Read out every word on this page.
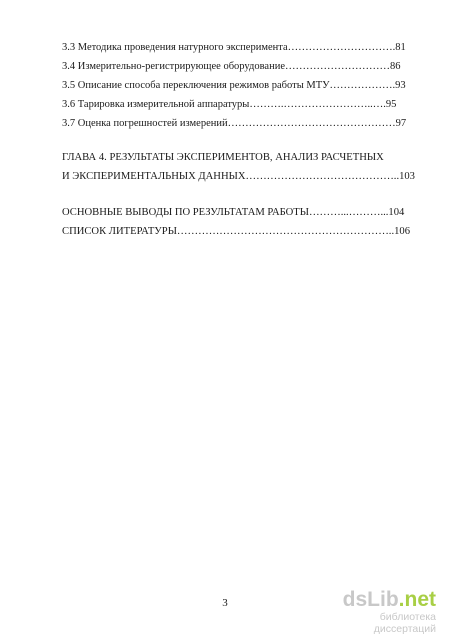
3.3 Методика проведения натурного эксперимента………………………….81
3.4 Измерительно-регистрирующее оборудование…………………………86
3.5 Описание способа переключения режимов работы МТУ……………….93
3.6 Тарировка измерительной аппаратуры……….……………………..….95
3.7 Оценка погрешностей измерений…………………………………………97
ГЛАВА 4. РЕЗУЛЬТАТЫ ЭКСПЕРИМЕНТОВ, АНАЛИЗ РАСЧЕТНЫХ
И ЭКСПЕРИМЕНТАЛЬНЫХ ДАННЫХ……………………………………..103
ОСНОВНЫЕ ВЫВОДЫ ПО РЕЗУЛЬТАТАМ РАБОТЫ………...………...104
СПИСОК ЛИТЕРАТУРЫ……………………………………………………..106
3	dsLib.net
библиотека диссертаций
